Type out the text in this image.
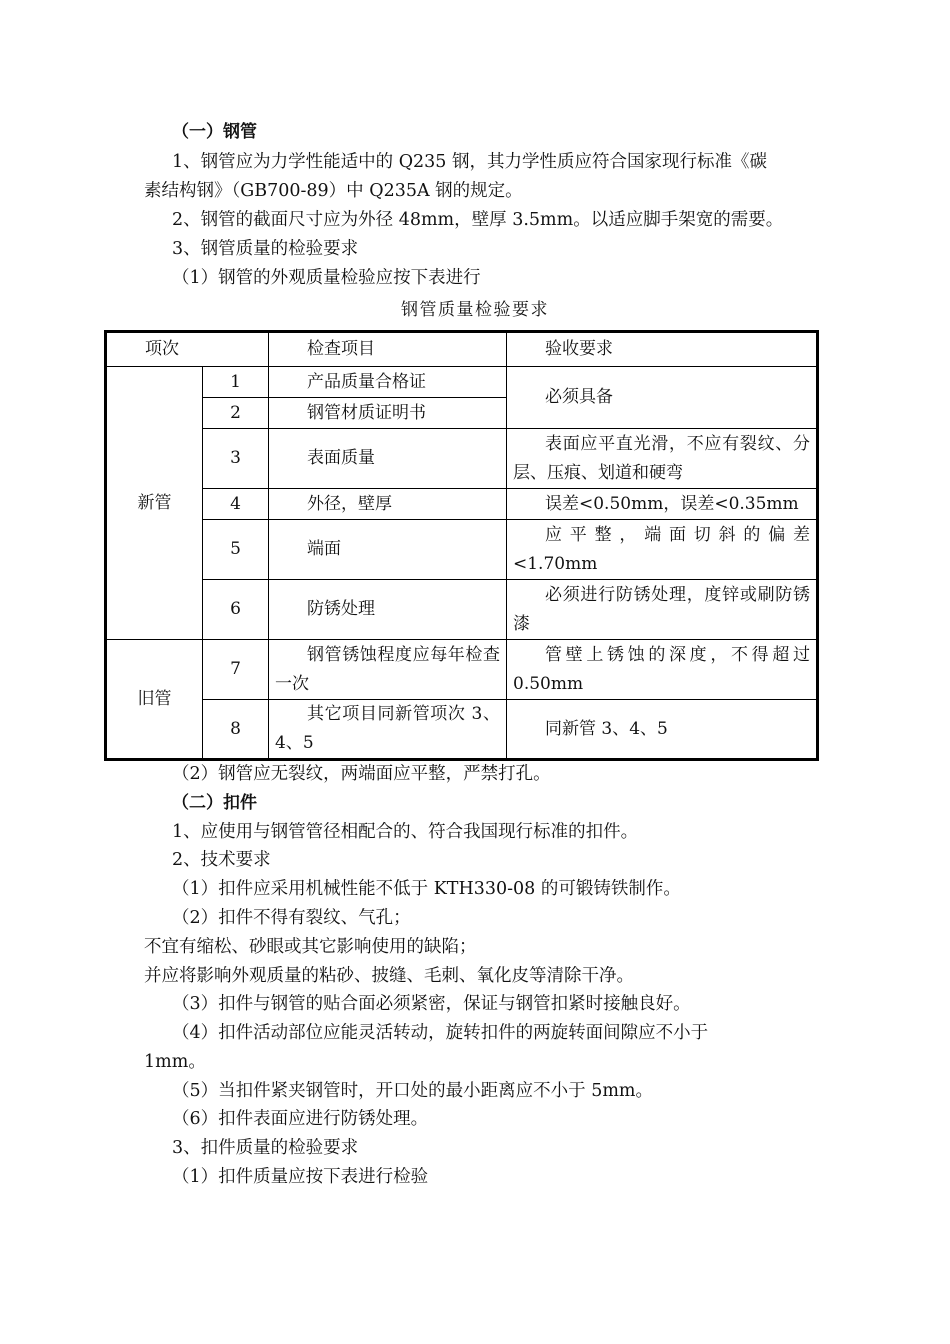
（一）钢管
1、钢管应为力学性能适中的 Q235 钢，其力学性质应符合国家现行标准《碳
素结构钢》（GB700-89）中 Q235A 钢的规定。
2、钢管的截面尺寸应为外径 48mm，壁厚 3.5mm。以适应脚手架宽的需要。
3、钢管质量的检验要求
（1）钢管的外观质量检验应按下表进行
钢管质量检验要求
项次		检查项目	验收要求
新管	1	产品质量合格证	必须具备
	2	钢管材质证明书	
	3	表面质量	表面应平直光滑，不应有裂纹、分层、压痕、划道和硬弯
	4	外径，壁厚	误差<0.50mm，误差<0.35mm
	5	端面	应平整，端面切斜的偏差<1.70mm
	6	防锈处理	必须进行防锈处理，度锌或刷防锈漆
旧管	7	钢管锈蚀程度应每年检查一次	管壁上锈蚀的深度，不得超过 0.50mm
	8	其它项目同新管项次 3、4、5	同新管 3、4、5
（2）钢管应无裂纹，两端面应平整，严禁打孔。
（二）扣件
1、应使用与钢管管径相配合的、符合我国现行标准的扣件。
2、技术要求
（1）扣件应采用机械性能不低于 KTH330-08 的可锻铸铁制作。
（2）扣件不得有裂纹、气孔；
不宜有缩松、砂眼或其它影响使用的缺陷；
并应将影响外观质量的粘砂、披缝、毛刺、氧化皮等清除干净。
（3）扣件与钢管的贴合面必须紧密，保证与钢管扣紧时接触良好。
（4）扣件活动部位应能灵活转动，旋转扣件的两旋转面间隙应不小于
1mm。
（5）当扣件紧夹钢管时，开口处的最小距离应不小于 5mm。
（6）扣件表面应进行防锈处理。
3、扣件质量的检验要求
（1）扣件质量应按下表进行检验
